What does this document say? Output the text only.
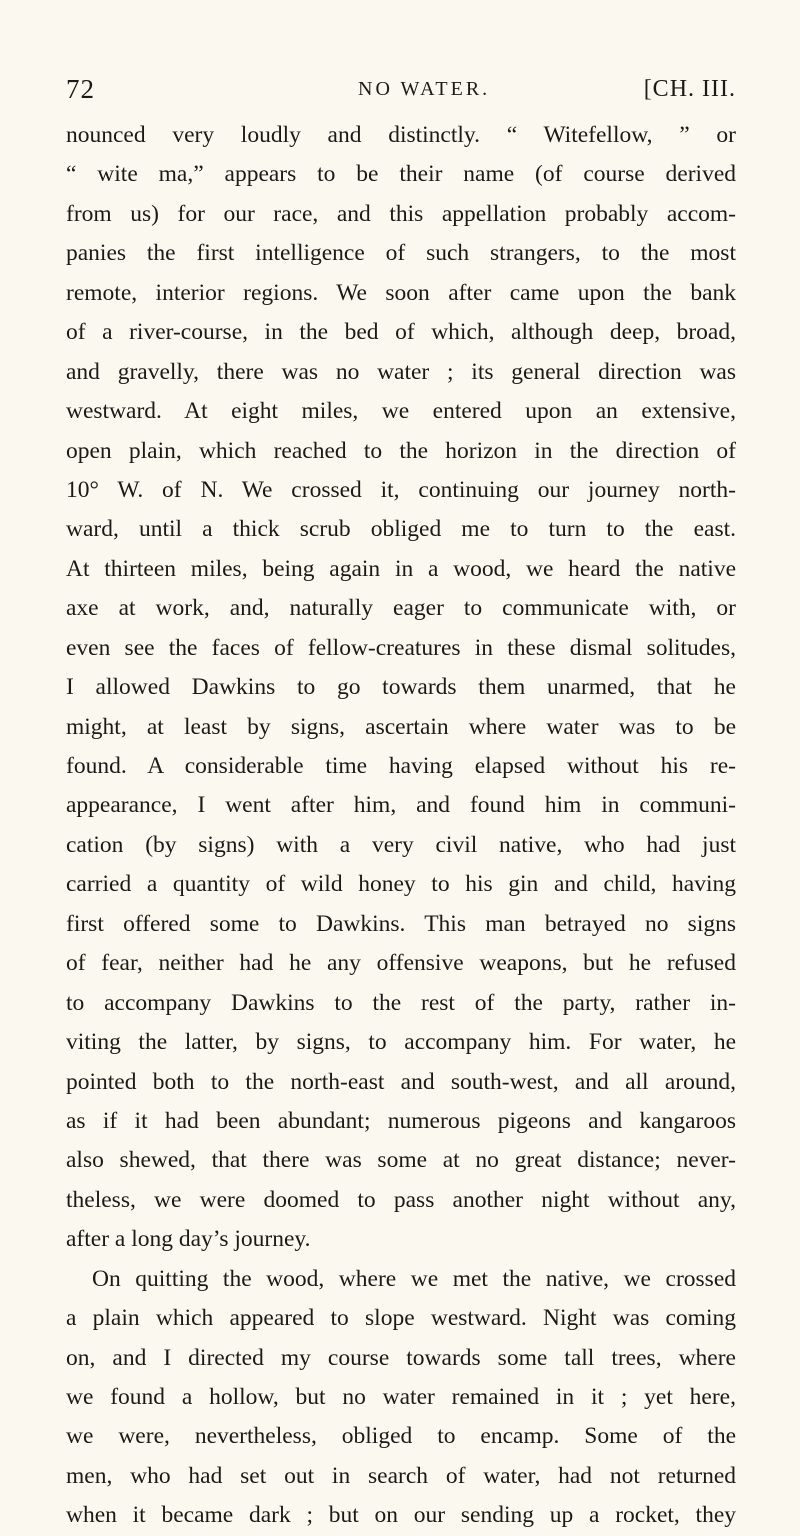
72	NO WATER.	[CH. III.
nounced very loudly and distinctly. “ Witefellow, ” or
“ wite ma,” appears to be their name (of course derived
from us) for our race, and this appellation probably accom-
panies the first intelligence of such strangers, to the most
remote, interior regions. We soon after came upon the bank
of a river-course, in the bed of which, although deep, broad,
and gravelly, there was no water ; its general direction was
westward. At eight miles, we entered upon an extensive,
open plain, which reached to the horizon in the direction of
10° W. of N. We crossed it, continuing our journey north-
ward, until a thick scrub obliged me to turn to the east.
At thirteen miles, being again in a wood, we heard the native
axe at work, and, naturally eager to communicate with, or
even see the faces of fellow-creatures in these dismal solitudes,
I allowed Dawkins to go towards them unarmed, that he
might, at least by signs, ascertain where water was to be
found. A considerable time having elapsed without his re-
appearance, I went after him, and found him in communi-
cation (by signs) with a very civil native, who had just
carried a quantity of wild honey to his gin and child, having
first offered some to Dawkins. This man betrayed no signs
of fear, neither had he any offensive weapons, but he refused
to accompany Dawkins to the rest of the party, rather in-
viting the latter, by signs, to accompany him. For water, he
pointed both to the north-east and south-west, and all around,
as if it had been abundant; numerous pigeons and kangaroos
also shewed, that there was some at no great distance; never-
theless, we were doomed to pass another night without any,
after a long day’s journey.
On quitting the wood, where we met the native, we crossed
a plain which appeared to slope westward. Night was coming
on, and I directed my course towards some tall trees, where
we found a hollow, but no water remained in it ; yet here,
we were, nevertheless, obliged to encamp. Some of the
men, who had set out in search of water, had not returned
when it became dark ; but on our sending up a rocket, they
